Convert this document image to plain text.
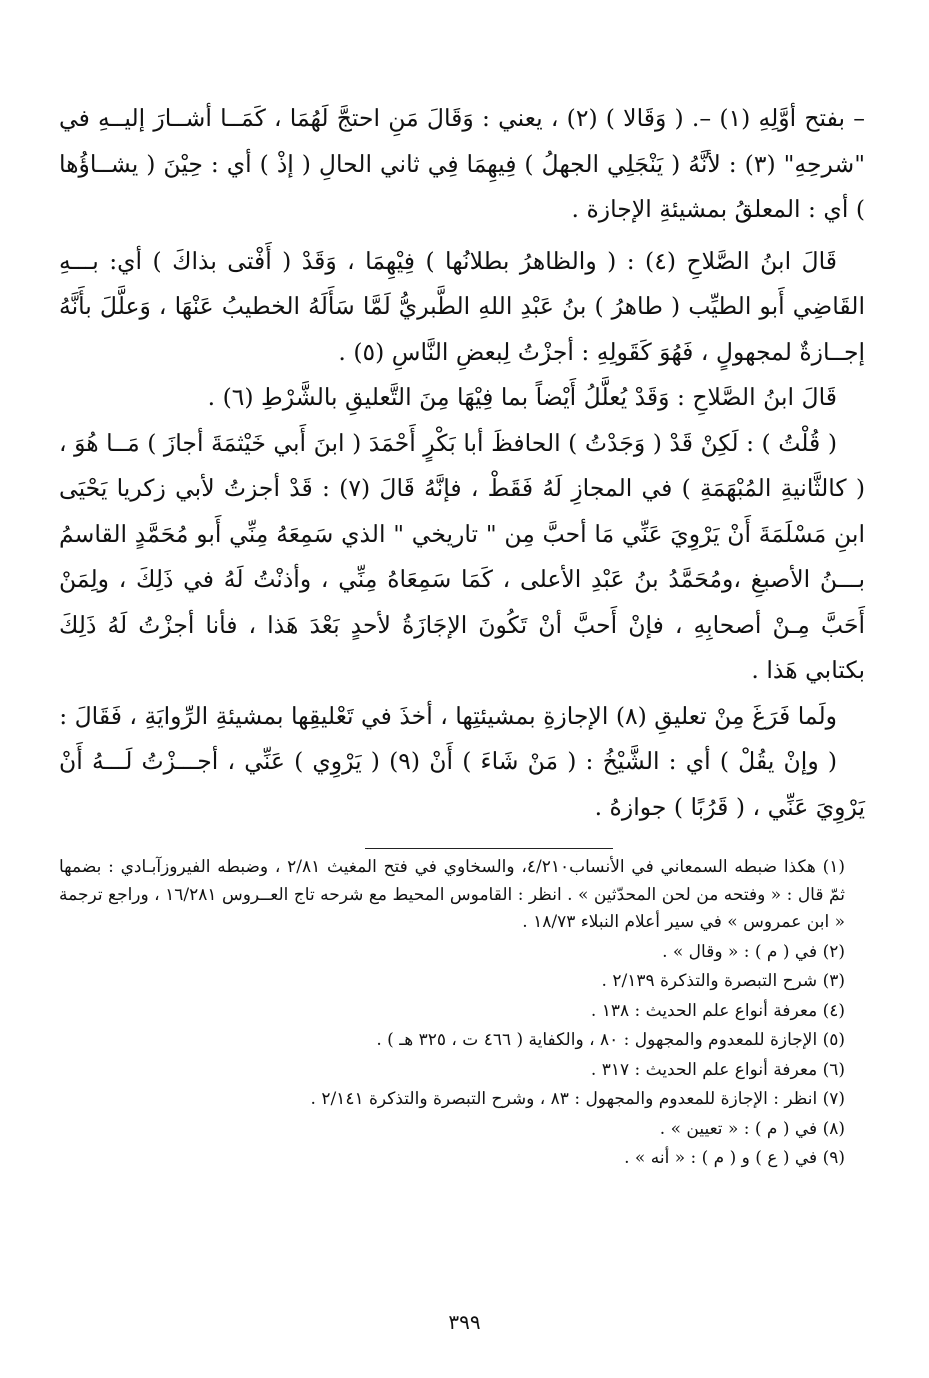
– بفتح أوَّلِهِ (١) –. ( وَقَالا ) (٢) ، يعني : وَقَالَ مَنِ احتجَّ لَهُمَا ، كَمَــا أشــارَ إليــهِ في "شرحِهِ" (٣) : لأنَّهُ ( يَنْجَلِي الجهلُ ) فِيهِمَا فِي ثاني الحالِ ( إذْ ) أي : حِيْنَ ( يشــاؤُها ) أي : المعلقُ بمشيئةِ الإجازة .

قَالَ ابنُ الصَّلاحِ (٤) : ( والظاهرُ بطلانُها ) فِيْهِمَا ، وَقَدْ ( أَفْتى بذاكَ ) أي: بـــهِ القَاضِي أَبو الطيِّب ( طاهرُ ) بنُ عَبْدِ اللهِ الطَّبريُّ لَمَّا سَأَلَهُ الخطيبُ عَنْهَا ، وَعلَّلَ بأَنَّهُ إجــازةٌ لمجهولٍ ، فَهُوَ كَقَولِهِ : أجزْتُ لِبعضِ النَّاسِ (٥) .

قَالَ ابنُ الصَّلاحِ : وَقَدْ يُعلَّلُ أَيْضاً بما فِيْهَا مِنَ التَّعليقِ بالشَّرْطِ (٦) .

( قُلْتُ ) : لَكِنْ قَدْ ( وَجَدْتُ ) الحافظَ أبا بَكْرٍ أَحْمَدَ ( ابنَ أَبي خَيْثمَةَ أجازَ ) مَــا هُوَ ، ( كالثَّانيةِ المُبْهَمَةِ ) في المجازِ لَهُ فَقَطْ ، فإنَّهُ قَالَ (٧) : قَدْ أجزتُ لأبي زكريا يَحْيَى ابنِ مَسْلَمَةَ أَنْ يَرْوِيَ عَنِّي مَا أحبَّ مِن " تاريخي " الذي سَمِعَهُ مِنِّي أَبو مُحَمَّدٍ القاسمُ بـــنُ الأصبغِ ،ومُحَمَّدُ بنُ عَبْدِ الأعلى ، كَمَا سَمِعَاهُ مِنِّي ، وأذنْتُ لَهُ في ذَلِكَ ، ولِمَنْ أَحَبَّ مِـنْ أصحابِهِ ، فإنْ أَحبَّ أنْ تَكُونَ الإجَازَةُ لأحدٍ بَعْدَ هَذا ، فأنا أجزْتُ لَهُ ذَلِكَ بكتابي هَذا .

ولَما فَرَغَ مِنْ تعليقِ (٨) الإجازةِ بمشيئتِها ، أخذَ في تَعْليقِها بمشيئةِ الرِّوايَةِ ، فَقَالَ :

( وإنْ يقُلْ ) أي : الشَّيْخُ : ( مَنْ شَاءَ ) أَنْ (٩) ( يَرْوِي ) عَنِّي ، أجـــزْتُ لَـــهُ أَنْ يَرْوِيَ عَنِّي ، ( قَرُبًا ) جوازهُ .

(١) هكذا ضبطه السمعاني في الأنساب٤/٢١٠، والسخاوي في فتح المغيث ٢/٨١ ، وضبطه الفيروزآبـادي : بضمها ثمّ قال : « وفتحه من لحن المحدّثين » . انظر : القاموس المحيط مع شرحه تاج العــروس ١٦/٢٨١ ، وراجع ترجمة « ابن عمروس » في سير أعلام النبلاء ١٨/٧٣ .

(٢) في ( م ) : « وقال » .

(٣) شرح التبصرة والتذكرة ٢/١٣٩ .

(٤) معرفة أنواع علم الحديث : ١٣٨ .

(٥) الإجازة للمعدوم والمجهول : ٨٠ ، والكفاية ( ٤٦٦ ت ، ٣٢٥ هـ ) .

(٦) معرفة أنواع علم الحديث : ٣١٧ .

(٧) انظر : الإجازة للمعدوم والمجهول : ٨٣ ، وشرح التبصرة والتذكرة ٢/١٤١ .

(٨) في ( م ) : « تعيين » .

(٩) في ( ع ) و ( م ) : « أنه » .

٣٩٩
